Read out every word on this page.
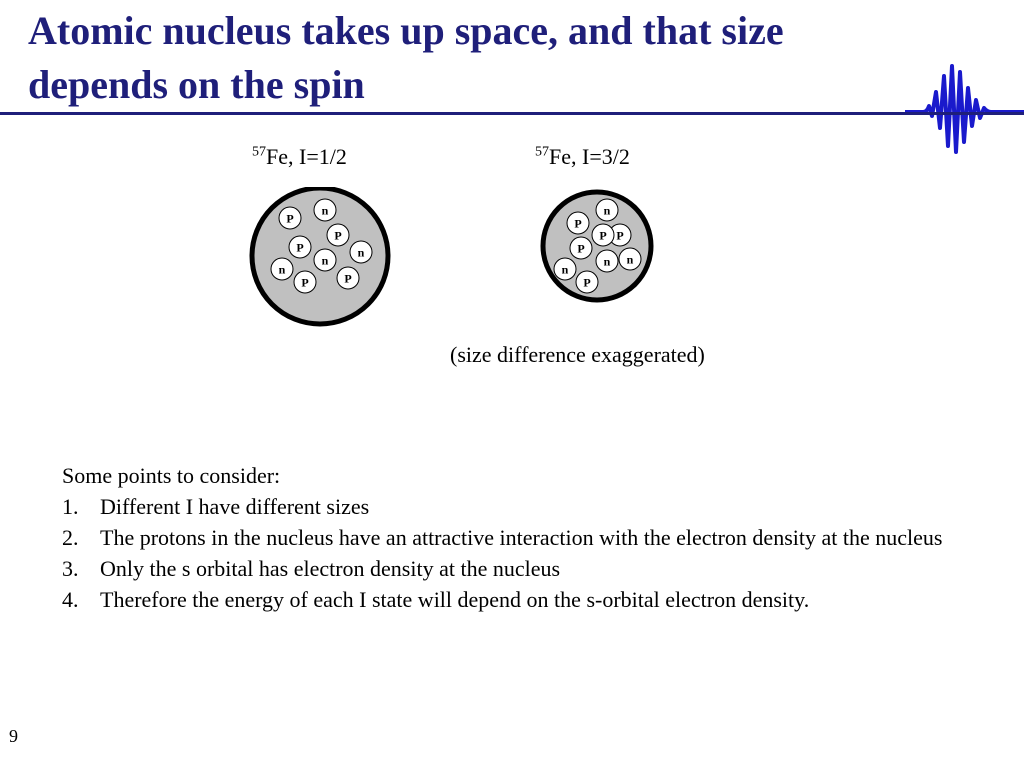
Atomic nucleus takes up space, and that size depends on the spin
$^{57}$Fe, I=1/2	$^{57}$Fe, I=3/2
P
n
P
P	n
n
n
P	P
P
n
P
P
P
n
n
n
P
(size difference exaggerated)
Some points to consider:
1. Different I have different sizes
2. The protons in the nucleus have an attractive interaction with the electron density at the nucleus
3. Only the s orbital has electron density at the nucleus
4. Therefore the energy of each I state will depend on the s-orbital electron density.
9
